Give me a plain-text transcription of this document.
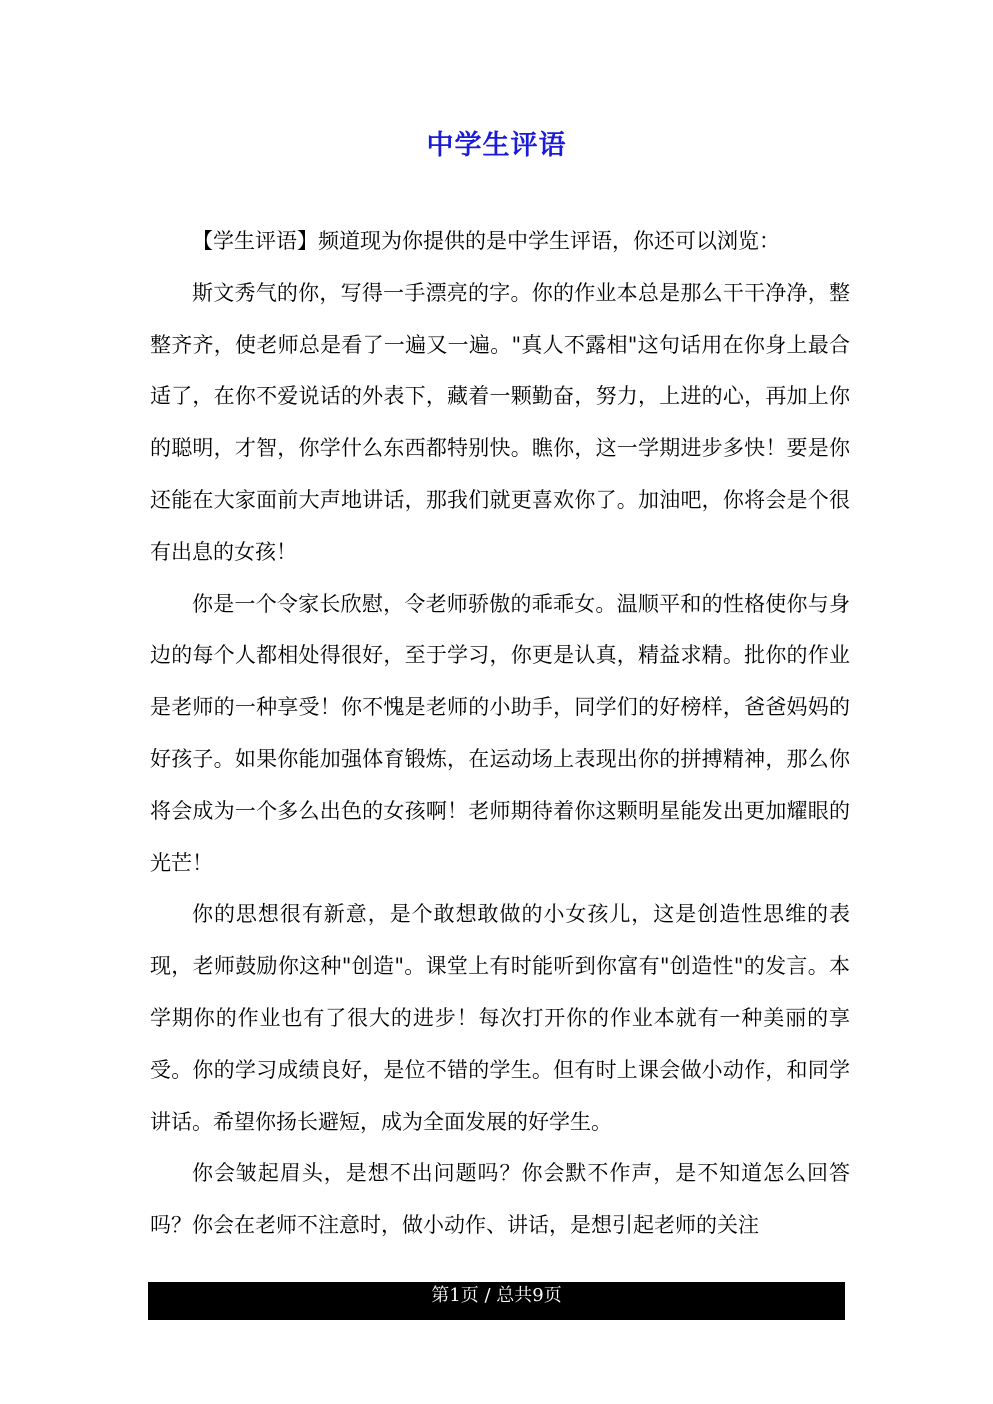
中学生评语

【学生评语】频道现为你提供的是中学生评语，你还可以浏览：

斯文秀气的你，写得一手漂亮的字。你的作业本总是那么干干净净，整整齐齐，使老师总是看了一遍又一遍。"真人不露相"这句话用在你身上最合适了，在你不爱说话的外表下，藏着一颗勤奋，努力，上进的心，再加上你的聪明，才智，你学什么东西都特别快。瞧你，这一学期进步多快！要是你还能在大家面前大声地讲话，那我们就更喜欢你了。加油吧，你将会是个很有出息的女孩！

你是一个令家长欣慰，令老师骄傲的乖乖女。温顺平和的性格使你与身边的每个人都相处得很好，至于学习，你更是认真，精益求精。批你的作业是老师的一种享受！你不愧是老师的小助手，同学们的好榜样，爸爸妈妈的好孩子。如果你能加强体育锻炼，在运动场上表现出你的拼搏精神，那么你将会成为一个多么出色的女孩啊！老师期待着你这颗明星能发出更加耀眼的光芒！

你的思想很有新意，是个敢想敢做的小女孩儿，这是创造性思维的表现，老师鼓励你这种"创造"。课堂上有时能听到你富有"创造性"的发言。本学期你的作业也有了很大的进步！每次打开你的作业本就有一种美丽的享受。你的学习成绩良好，是位不错的学生。但有时上课会做小动作，和同学讲话。希望你扬长避短，成为全面发展的好学生。

你会皱起眉头，是想不出问题吗？你会默不作声，是不知道怎么回答吗？你会在老师不注意时，做小动作、讲话，是想引起老师的关注

第1页 / 总共9页
